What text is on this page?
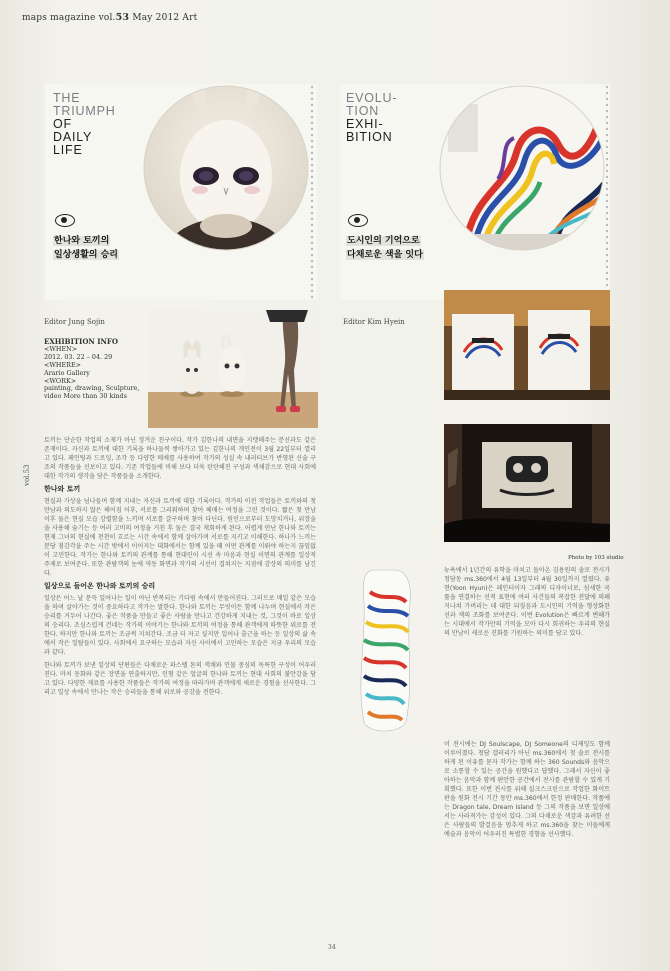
maps magazine vol.53 May 2012 Art
vol.53
THE
TRIUMPH
OF
DAILY
LIFE
한나와 토끼의
일상생활의 승리
Editor Jung Sojin
EVOLU-
TION
EXHI-
BITION
도시인의 기억으로
다채로운 색을 잇다
Editor Kim Hyein
EXHIBITION INFO
<WHEN>
2012. 03. 22 – 04. 29
<WHERE>
Arario Gallery
<WORK>
painting, drawing, Sculpture, video More than 30 kinds

토끼는 단순한 작업의 소재가 아닌 정겨운 친구이다. 작가 김한나의 내면을 지탱해주는 분신과도 같은 존재이다. 자신과 토끼에 대한 기록을 하나둘씩 쌓아가고 있는 김한나의 개인전이 3월 22일부터 열리고 있다. 페인팅과 드로잉, 조각 등 다양한 매체를 사용하여 작가의 성실 속 내러티브가 반영된 신술 구조의 작품들을 선보이고 있다. 기존 작업들에 비해 보다 더욱 탄탄해진 구성과 색채감으로 현대 사회에 대한 작가의 생각을 담은 작품들을 소개한다.

한나와 토끼

현실과 가상을 넘나들며 함께 지내는 자신과 토끼에 대한 기록이다. 작가의 이전 작업들은 토끼와의 첫 만남과 의도하지 않은 헤어짐 이후, 서로를 그리워하며 찾아 헤매는 여정을 그린 것이다. 짧은 첫 만남 이후 둘은 현실 모습 강렬함을 느끼며 서로를 갈구하며 찾아 다닌다. 원인으로부터 도망치거나, 위장술을 사용해 숨기는 등 여러 고비의 여정을 거친 후 둘은 결국 재회하게 된다. 어렵게 만난 한나와 토끼는 현재 그녀의 현실에 천천히 흐르는 시간 속에서 함께 살아가며 서로를 지키고 이해한다. 하나가 느끼는 분당 점감각을 주는 시간 밖에서 이어지는 대화에서는 함께 있을 때 어떤 관계를 이뤄야 하는지 끊임없이 고민한다. 작가는 한나와 토끼의 관계를 통해 현대인이 시선 속 마음과 현실 이면의 관계를 일상적 주제로 보여준다. 또한 관람객의 눈에 역동 화면과 작가의 시선이 겹쳐지는 지점에 감상의 의미를 남긴다.

일상으로 들어온 한나와 토끼의 승리

일상은 어느 날 문득 일어나는 일이 아닌 반복되는 기다림 속에서 만들어진다. 그러므로 매일 같은 모습을 하며 살아가는 것이 중요하다고 작가는 말한다. 한나와 토끼는 무엇이든 함께 나누며 현실에서 작은 승리를 거두어 나간다. 좋은 작품을 만들고 좋은 사람을 만나고 건강하게 지내는 것, 그것이 바로 일상의 승리다. 조심스럽게 건네는 작가의 이야기는 한나와 토끼의 여정을 통해 관객에게 따뜻한 위로를 전한다. 하지만 한나와 토끼는 조금씩 지쳐간다. 조금 더 자고 싶지만 일어나 출근을 하는 등 일상의 삶 속에서 작은 일탈들이 있다. 사회에서 요구하는 모습과 자신 사이에서 고민하는 모습은 지금 우리의 모습과 같다.

한나와 토끼가 보낸 일상의 단편들은 다채로운 파스텔 톤의 색채와 인물 중심의 독특한 구성이 어우러진다. 마치 동화와 같은 장면을 연출하지만, 인형 같은 얼굴의 한나와 토끼는 현대 사회의 불안감을 담고 있다. 다양한 재료를 사용한 작품들은 작가의 여정을 따라가며 관객에게 새로운 경험을 선사한다. 그리고 일상 속에서 만나는 작은 승리들을 통해 위로와 공감을 전한다.

Photo by 103 studio

뉴욕에서 1년간의 유학을 마치고 돌아온 김용원의 솔로 전시가 청담동 ms.360에서 4월 13일부터 4월 30일까지 열렸다. 유현(Yoon Hyun)은 페인터이자 그래픽 디자이너로, 섬세한 곡률을 연결하는 선적 표현에 여러 사건들의 복잡한 전달에 의해 지나쳐 가버리는 데 대한 되짚음과 도시인의 기억을 형상화한 선과 색의 조화를 보여준다. 이번 Evolution은 빠르게 변해가는 시대에서 작가만의 기억을 모아 다시 회귀하는 우리의 현실의 만남이 새로운 진화를 기원하는 의미를 담고 있다.

이 전시에는 DJ Soulscape, DJ Someone의 디제잉도 함께 이루어졌다. 청담 갤러리가 아닌 ms.360에서 첫 솔로 전시를 하게 된 이유를 묻자 작가는 함께 하는 360 Sounds와 음악으로 소통할 수 있는 공간을 원했다고 답했다. 그래서 자신이 좋아하는 음악과 함께 편안한 공간에서 전시를 관람할 수 있게 기획했다. 또한 이번 전시를 위해 실크스크린으로 작업한 화이트 판을 원화 전시 기간 동안 ms.360에서 한정 판매한다. 작품에는 Dragon tale, Dream Island 등 그의 작품을 보면 일상에서는 사라져가는 감성이 있다. 그의 다채로운 색감과 유려한 선은 사람들의 발걸음을 멈추게 하고 ms.360을 찾는 이들에게 예술과 음악이 어우러진 특별한 경험을 선사했다.

34
